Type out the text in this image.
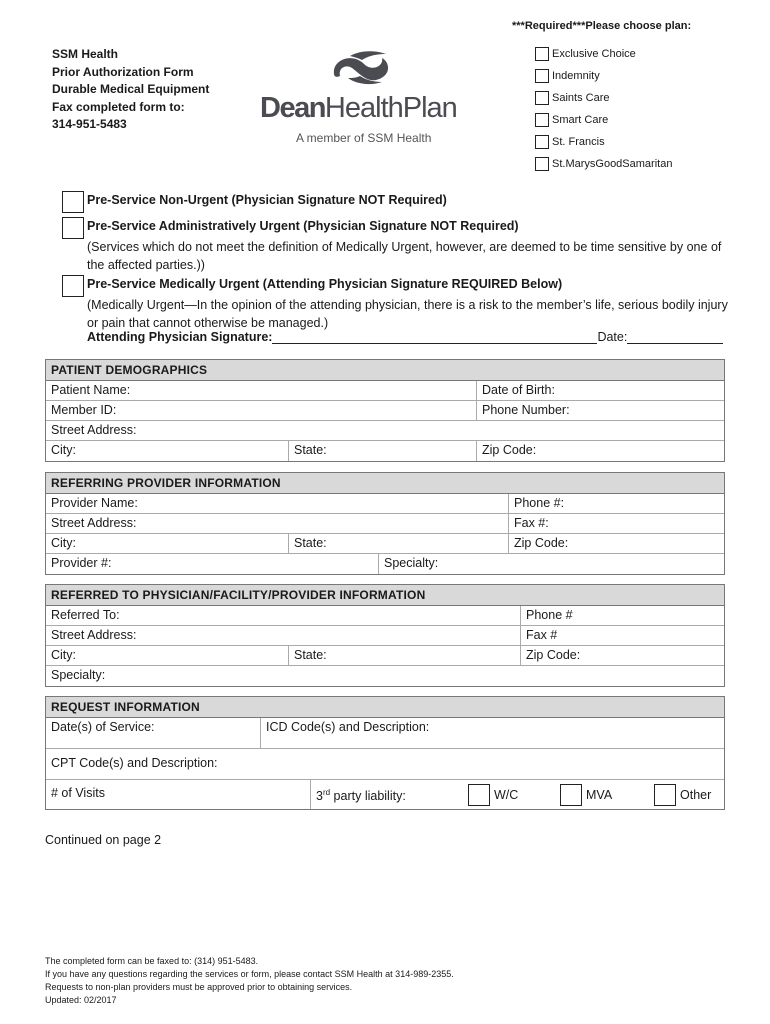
***Required***Please choose plan:
SSM Health
Prior Authorization Form
Durable Medical Equipment
Fax completed form to:
314-951-5483	DeanHealthPlan
A member of SSM Health
Exclusive Choice
Indemnity
Saints Care
Smart Care
St. Francis
St.MarysGoodSamaritan
Pre-Service Non-Urgent (Physician Signature NOT Required)
Pre-Service Administratively Urgent (Physician Signature NOT Required)
(Services which do not meet the definition of Medically Urgent, however, are deemed to be time sensitive by one of the affected parties.))
Pre-Service Medically Urgent (Attending Physician Signature REQUIRED Below)
(Medically Urgent—In the opinion of the attending physician, there is a risk to the member’s life, serious bodily injury or pain that cannot otherwise be managed.)
Attending Physician Signature:	Date:
PATIENT DEMOGRAPHICS
Patient Name:	Date of Birth:
Member ID:	Phone Number:
Street Address:
City:	State:	Zip Code:
REFERRING PROVIDER INFORMATION
Provider Name:	Phone #:
Street Address:	Fax #:
City:	State:	Zip Code:
Provider #:	Specialty:
REFERRED TO PHYSICIAN/FACILITY/PROVIDER INFORMATION
Referred To:	Phone #
Street Address:	Fax #
City:	State:	Zip Code:
Specialty:
REQUEST INFORMATION
Date(s) of Service:	ICD Code(s) and Description:
CPT Code(s) and Description:
# of Visits	3rd party liability:	W/C	MVA	Other
Continued on page 2
The completed form can be faxed to: (314) 951-5483.
If you have any questions regarding the services or form, please contact SSM Health at 314-989-2355.
Requests to non-plan providers must be approved prior to obtaining services.
Updated: 02/2017
